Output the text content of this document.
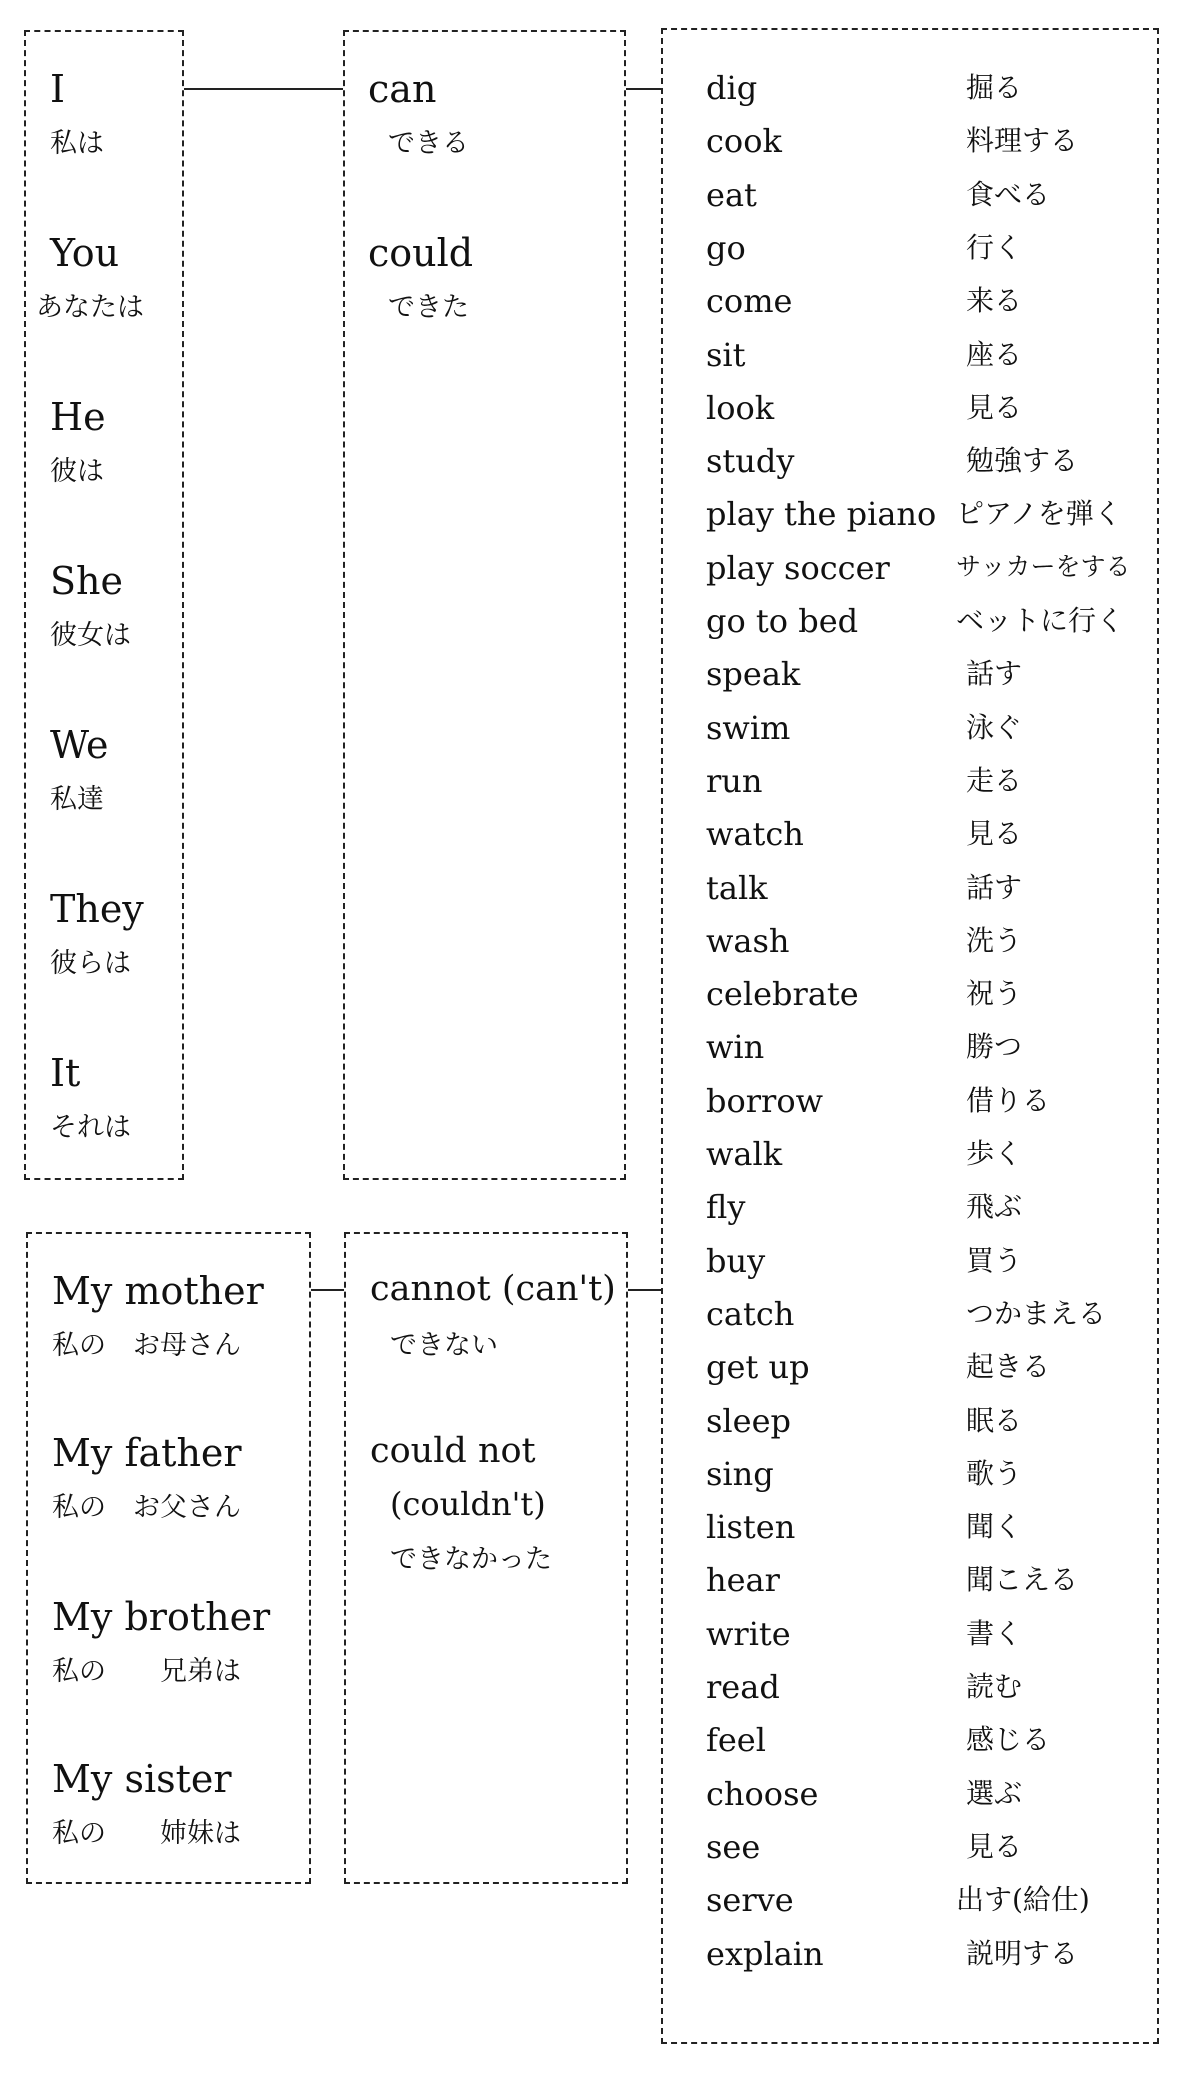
I
私は
You
あなたは
He
彼は
She
彼女は
We
私達
They
彼らは
It
それは
can
できる
could
できた
My mother
私の　お母さん
My father
私の　お父さん
My brother
私の　　兄弟は
My sister
私の　　姉妹は
cannot (can't)
できない
could not
(couldn't)
できなかった
dig	掘る
cook	料理する
eat	食べる
go	行く
come	来る
sit	座る
look	見る
study	勉強する
play the piano ピアノを弾く
play soccer	サッカーをする
go to bed	ベットに行く
speak	話す
swim	泳ぐ
run	走る
watch	見る
talk	話す
wash	洗う
celebrate	祝う
win	勝つ
borrow	借りる
walk	歩く
fly	飛ぶ
buy	買う
catch	つかまえる
get up	起きる
sleep	眠る
sing	歌う
listen	聞く
hear	聞こえる
write	書く
read	読む
feel	感じる
choose	選ぶ
see	見る
serve	出す(給仕)
explain	説明する
